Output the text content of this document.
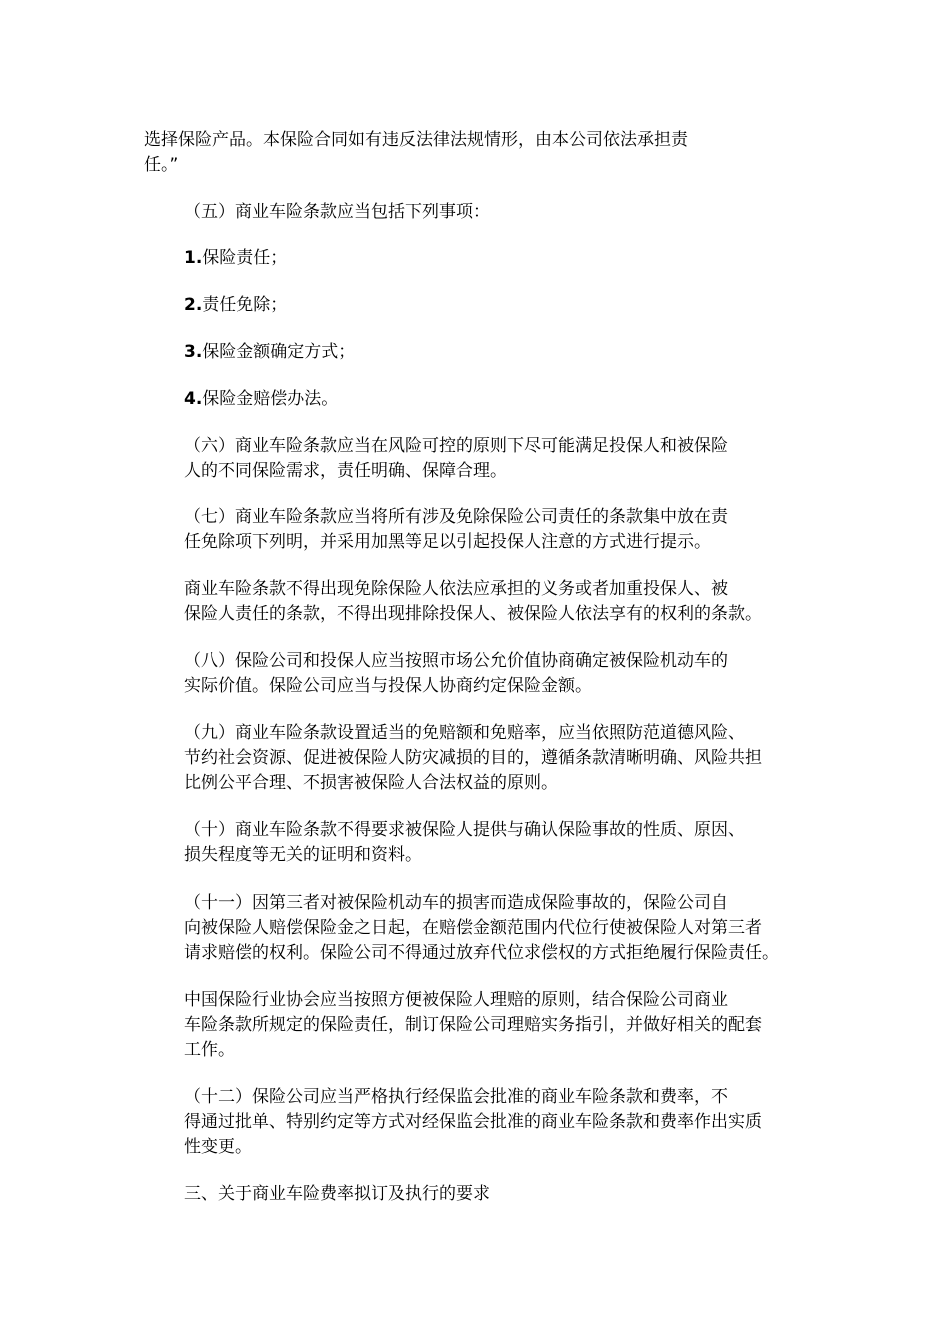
选择保险产品。本保险合同如有违反法律法规情形，由本公司依法承担责
任。”

（五）商业车险条款应当包括下列事项：

1.保险责任；

2.责任免除；

3.保险金额确定方式；

4.保险金赔偿办法。

（六）商业车险条款应当在风险可控的原则下尽可能满足投保人和被保险
人的不同保险需求，责任明确、保障合理。

（七）商业车险条款应当将所有涉及免除保险公司责任的条款集中放在责
任免除项下列明，并采用加黑等足以引起投保人注意的方式进行提示。

商业车险条款不得出现免除保险人依法应承担的义务或者加重投保人、被
保险人责任的条款，不得出现排除投保人、被保险人依法享有的权利的条款。

（八）保险公司和投保人应当按照市场公允价值协商确定被保险机动车的
实际价值。保险公司应当与投保人协商约定保险金额。

（九）商业车险条款设置适当的免赔额和免赔率，应当依照防范道德风险、
节约社会资源、促进被保险人防灾减损的目的，遵循条款清晰明确、风险共担
比例公平合理、不损害被保险人合法权益的原则。

（十）商业车险条款不得要求被保险人提供与确认保险事故的性质、原因、
损失程度等无关的证明和资料。

（十一）因第三者对被保险机动车的损害而造成保险事故的，保险公司自
向被保险人赔偿保险金之日起，在赔偿金额范围内代位行使被保险人对第三者
请求赔偿的权利。保险公司不得通过放弃代位求偿权的方式拒绝履行保险责任。

中国保险行业协会应当按照方便被保险人理赔的原则，结合保险公司商业
车险条款所规定的保险责任，制订保险公司理赔实务指引，并做好相关的配套
工作。

（十二）保险公司应当严格执行经保监会批准的商业车险条款和费率，不
得通过批单、特别约定等方式对经保监会批准的商业车险条款和费率作出实质
性变更。

三、关于商业车险费率拟订及执行的要求
